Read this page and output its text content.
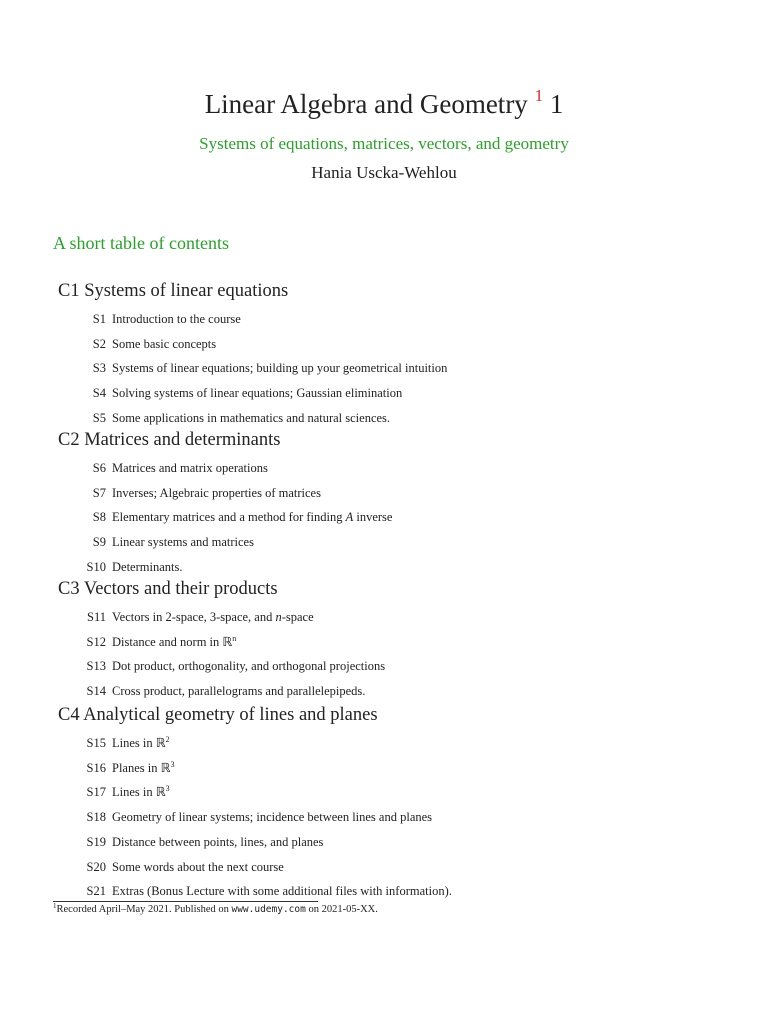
Linear Algebra and Geometry $^1$ 1
Systems of equations, matrices, vectors, and geometry
Hania Uscka-Wehlou
A short table of contents
C1 Systems of linear equations
S1 Introduction to the course
S2 Some basic concepts
S3 Systems of linear equations; building up your geometrical intuition
S4 Solving systems of linear equations; Gaussian elimination
S5 Some applications in mathematics and natural sciences.
C2 Matrices and determinants
S6 Matrices and matrix operations
S7 Inverses; Algebraic properties of matrices
S8 Elementary matrices and a method for finding A inverse
S9 Linear systems and matrices
S10 Determinants.
C3 Vectors and their products
S11 Vectors in 2-space, 3-space, and n-space
S12 Distance and norm in ℝ$^n$
S13 Dot product, orthogonality, and orthogonal projections
S14 Cross product, parallelograms and parallelepipeds.
C4 Analytical geometry of lines and planes
S15 Lines in ℝ$^2$
S16 Planes in ℝ$^3$
S17 Lines in ℝ$^3$
S18 Geometry of linear systems; incidence between lines and planes
S19 Distance between points, lines, and planes
S20 Some words about the next course
S21 Extras (Bonus Lecture with some additional files with information).
$^1$Recorded April–May 2021. Published on www.udemy.com on 2021-05-XX.
